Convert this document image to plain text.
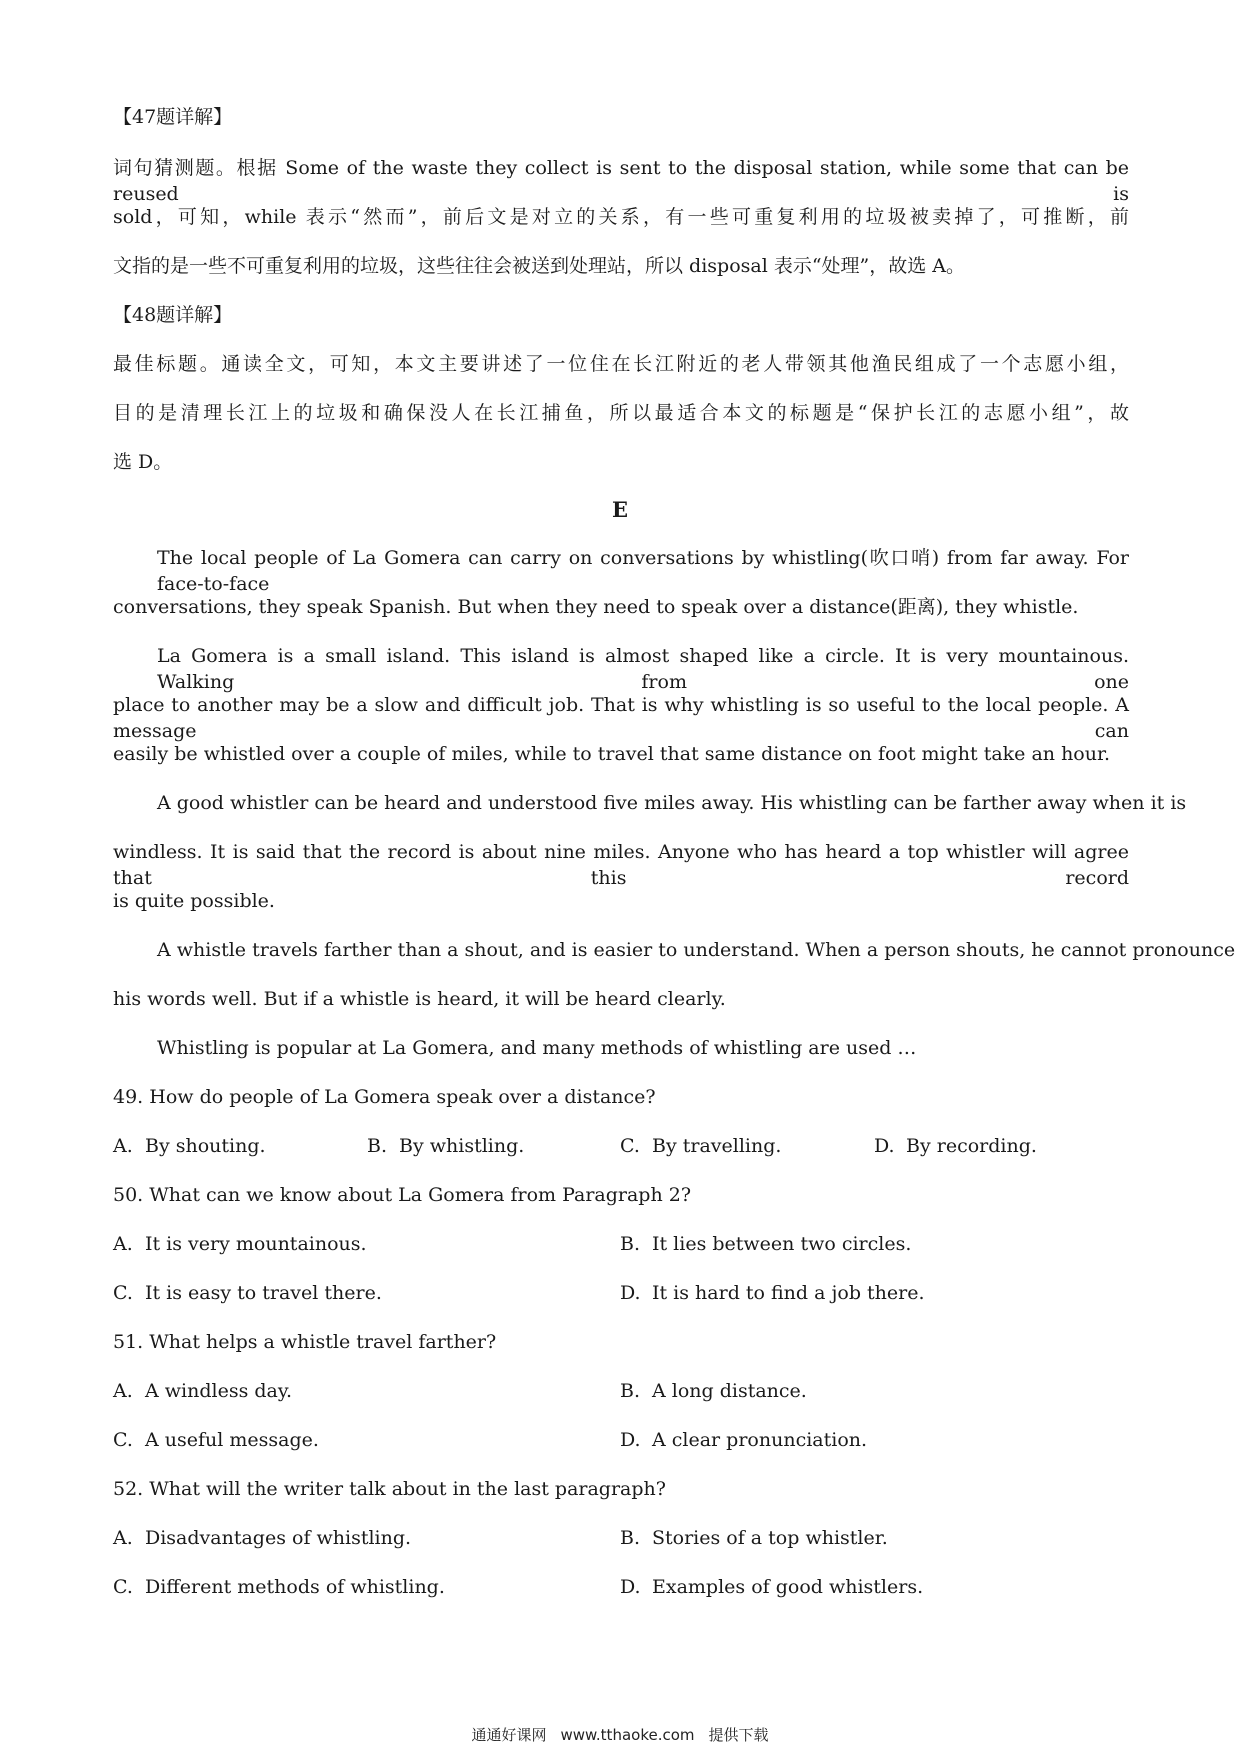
【47题详解】
词句猜测题。根据 Some of the waste they collect is sent to the disposal station, while some that can be reused is
sold，可知，while 表示“然而”，前后文是对立的关系，有一些可重复利用的垃圾被卖掉了，可推断，前
文指的是一些不可重复利用的垃圾，这些往往会被送到处理站，所以 disposal 表示“处理”，故选 A。
【48题详解】
最佳标题。通读全文，可知，本文主要讲述了一位住在长江附近的老人带领其他渔民组成了一个志愿小组，
目的是清理长江上的垃圾和确保没人在长江捕鱼，所以最适合本文的标题是“保护长江的志愿小组”，故
选 D。
E
The local people of La Gomera can carry on conversations by whistling(吹口哨) from far away. For face-to-face
conversations, they speak Spanish. But when they need to speak over a distance(距离), they whistle.
La Gomera is a small island. This island is almost shaped like a circle. It is very mountainous. Walking from one
place to another may be a slow and difficult job. That is why whistling is so useful to the local people. A message can
easily be whistled over a couple of miles, while to travel that same distance on foot might take an hour.
A good whistler can be heard and understood five miles away. His whistling can be farther away when it is
windless. It is said that the record is about nine miles. Anyone who has heard a top whistler will agree that this record
is quite possible.
A whistle travels farther than a shout, and is easier to understand. When a person shouts, he cannot pronounce
his words well. But if a whistle is heard, it will be heard clearly.
Whistling is popular at La Gomera, and many methods of whistling are used …
49. How do people of La Gomera speak over a distance?
A. By shouting.	B. By whistling.	C. By travelling.	D. By recording.
50. What can we know about La Gomera from Paragraph 2?
A. It is very mountainous.	B. It lies between two circles.
C. It is easy to travel there.	D. It is hard to find a job there.
51. What helps a whistle travel farther?
A. A windless day.	B. A long distance.
C. A useful message.	D. A clear pronunciation.
52. What will the writer talk about in the last paragraph?
A. Disadvantages of whistling.	B. Stories of a top whistler.
C. Different methods of whistling.	D. Examples of good whistlers.
通通好课网 www.tthaoke.com 提供下载
